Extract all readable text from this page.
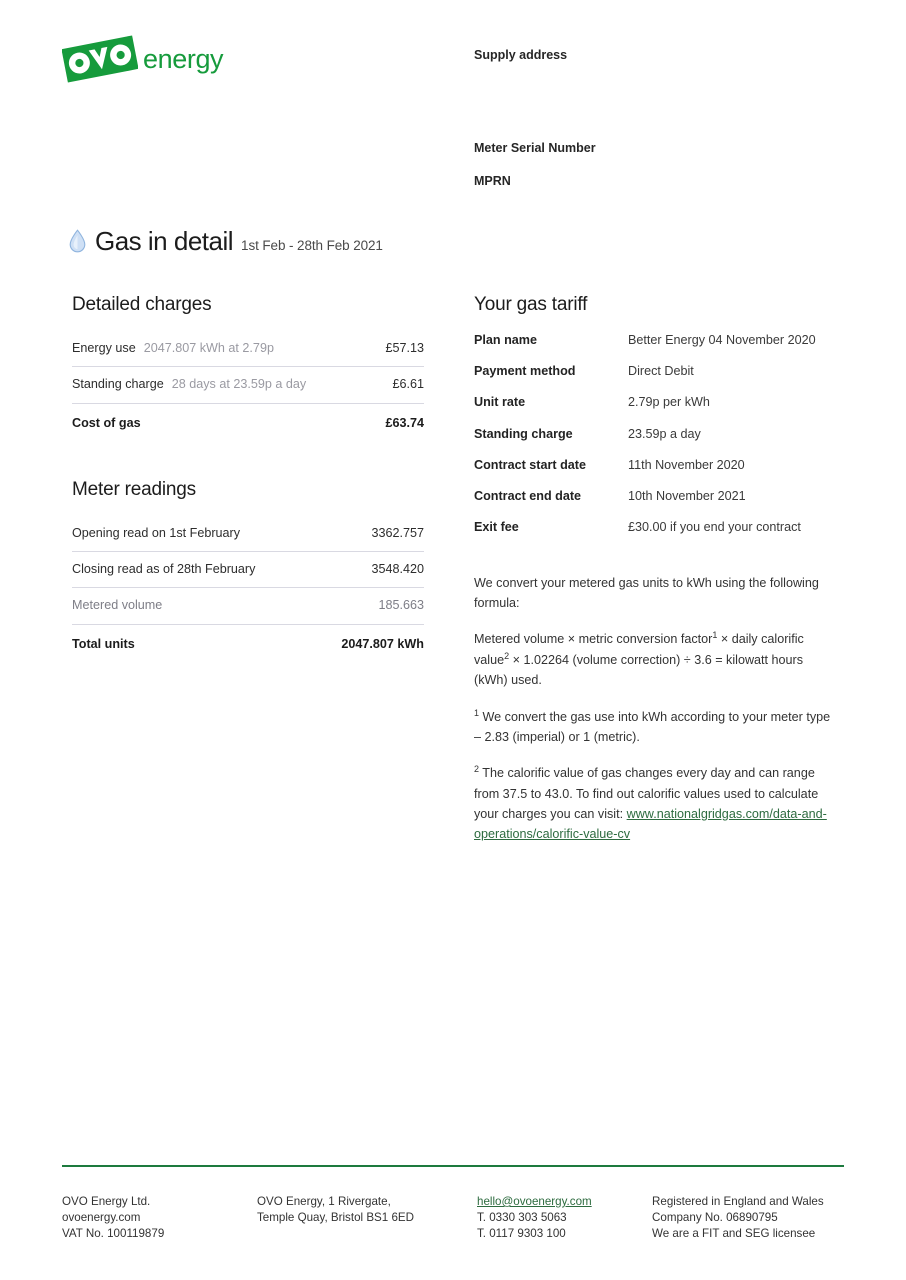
energy	Supply address
Meter Serial Number
MPRN
Gas in detail 1st Feb - 28th Feb 2021
Detailed charges
Energy use 2047.807 kWh at 2.79p	£57.13
Standing charge 28 days at 23.59p a day	£6.61
Cost of gas	£63.74
Meter readings
Opening read on 1st February	3362.757
Closing read as of 28th February	3548.420
Metered volume	185.663
Total units	2047.807 kWh
Your gas tariff
Plan name	Better Energy 04 November 2020
Payment method	Direct Debit
Unit rate	2.79p per kWh
Standing charge	23.59p a day
Contract start date	11th November 2020
Contract end date	10th November 2021
Exit fee	£30.00 if you end your contract

We convert your metered gas units to kWh using the following formula:

Metered volume × metric conversion factor$^1$ × daily calorific value$^2$ × 1.02264 (volume correction) ÷ 3.6 = kilowatt hours (kWh) used.

$^1$ We convert the gas use into kWh according to your meter type – 2.83 (imperial) or 1 (metric).

$^2$ The calorific value of gas changes every day and can range from 37.5 to 43.0. To find out calorific values used to calculate your charges you can visit: www.nationalgridgas.com/data-and-operations/calorific-value-cv

OVO Energy Ltd.
ovoenergy.com
VAT No. 100119879
OVO Energy, 1 Rivergate,
Temple Quay, Bristol BS1 6ED
hello@ovoenergy.com
T. 0330 303 5063
T. 0117 9303 100
Registered in England and Wales
Company No. 06890795
We are a FIT and SEG licensee
